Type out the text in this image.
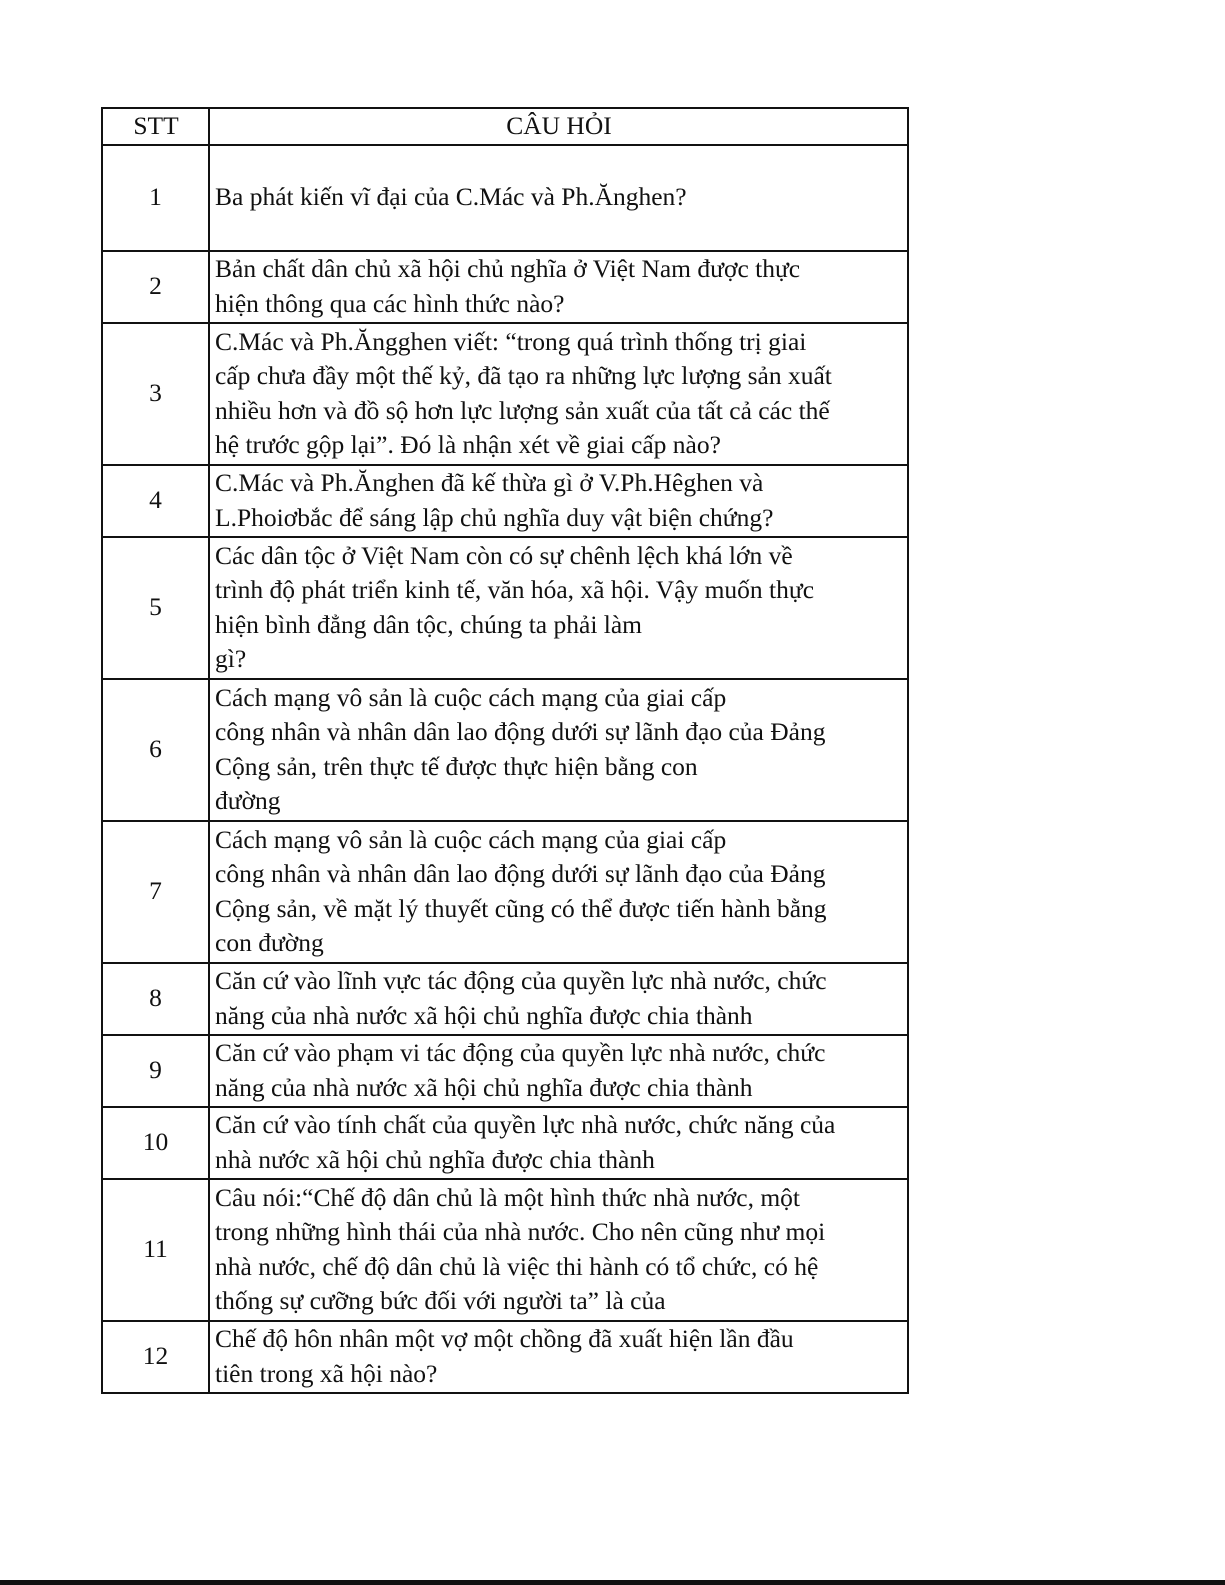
STT	CÂU HỎI
1	Ba phát kiến vĩ đại của C.Mác và Ph.Ănghen?

2	Bản chất dân chủ xã hội chủ nghĩa ở Việt Nam được thực
hiện thông qua các hình thức nào?

3	C.Mác và Ph.Ăngghen viết: “trong quá trình thống trị giai
cấp chưa đầy một thế kỷ, đã tạo ra những lực lượng sản xuất
nhiều hơn và đồ sộ hơn lực lượng sản xuất của tất cả các thế
hệ trước gộp lại”. Đó là nhận xét về giai cấp nào?

4	C.Mác và Ph.Ănghen đã kế thừa gì ở V.Ph.Hêghen và
L.Phoiơbắc để sáng lập chủ nghĩa duy vật biện chứng?

5	Các dân tộc ở Việt Nam còn có sự chênh lệch khá lớn về
trình độ phát triển kinh tế, văn hóa, xã hội. Vậy muốn thực
hiện bình đẳng dân tộc, chúng ta phải làm
gì?

6	Cách mạng vô sản là cuộc cách mạng của giai cấp
công nhân và nhân dân lao động dưới sự lãnh đạo của Đảng
Cộng sản, trên thực tế được thực hiện bằng con
đường

7	Cách mạng vô sản là cuộc cách mạng của giai cấp
công nhân và nhân dân lao động dưới sự lãnh đạo của Đảng
Cộng sản, về mặt lý thuyết cũng có thể được tiến hành bằng
con đường

8	Căn cứ vào lĩnh vực tác động của quyền lực nhà nước, chức
năng của nhà nước xã hội chủ nghĩa được chia thành

9	Căn cứ vào phạm vi tác động của quyền lực nhà nước, chức
năng của nhà nước xã hội chủ nghĩa được chia thành

10	Căn cứ vào tính chất của quyền lực nhà nước, chức năng của
nhà nước xã hội chủ nghĩa được chia thành

11	Câu nói:“Chế độ dân chủ là một hình thức nhà nước, một
trong những hình thái của nhà nước. Cho nên cũng như mọi
nhà nước, chế độ dân chủ là việc thi hành có tổ chức, có hệ
thống sự cưỡng bức đối với người ta” là của

12	Chế độ hôn nhân một vợ một chồng đã xuất hiện lần đầu
tiên trong xã hội nào?
